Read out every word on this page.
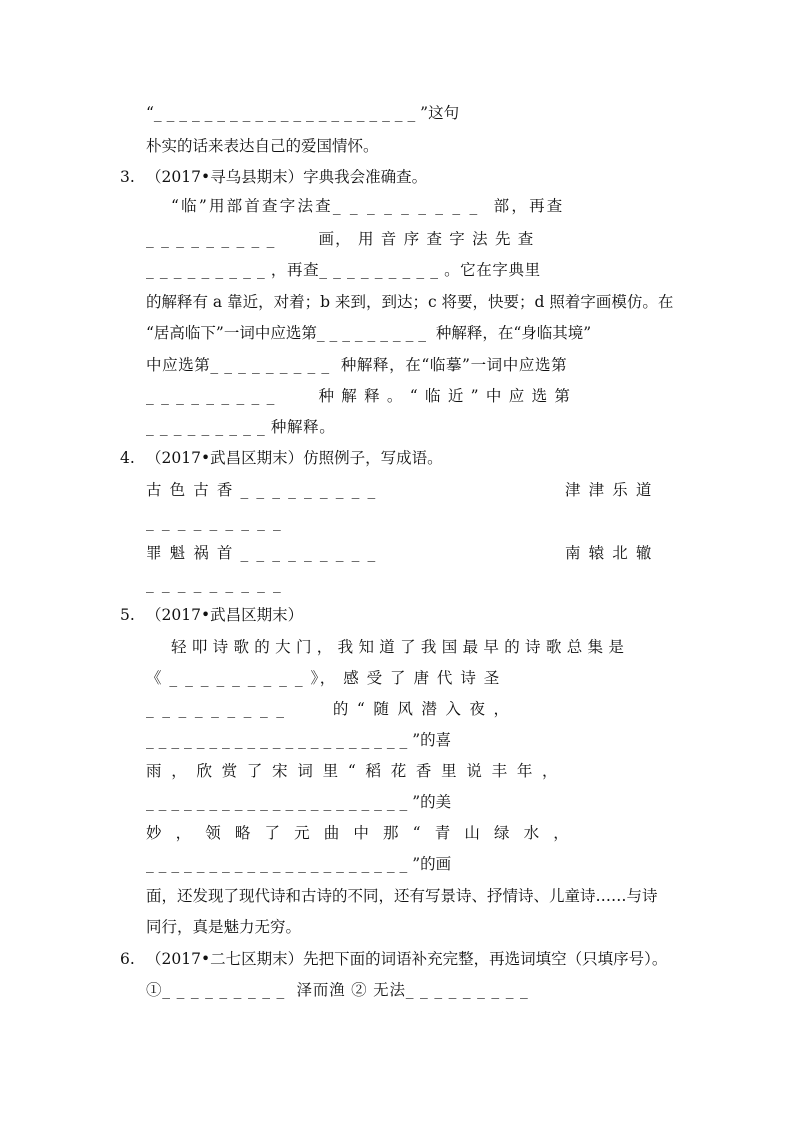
3.
4.
5.
6.
“_ _ _ _ _ _ _ _ _ _ _ _ _ _ _ _ _ _ _ _ _ ”这句
朴实的话来表达自己的爱国情怀。
（2017•寻乌县期末）字典我会准确查。
“临”用部首查字法查_ _ _ _ _ _ _ _ _  部，再查
_ _ _ _ _ _ _ _ _       画， 用 音 序 查 字 法 先 查
_ _ _ _ _ _ _ _ _ ，再查_ _ _ _ _ _ _ _ _ 。它在字典里
的解释有 a 靠近，对着；b 来到，到达；c 将要，快要；d 照着字画模仿。在
“居高临下”一词中应选第_ _ _ _ _ _ _ _ _  种解释，在“身临其境”
中应选第_ _ _ _ _ _ _ _ _  种解释，在“临摹”一词中应选第
_ _ _ _ _ _ _ _ _       种 解 释 。 “ 临 近 ” 中 应 选 第
_ _ _ _ _ _ _ _ _ 种解释。
（2017•武昌区期末）仿照例子，写成语。
古 色 古 香 _ _ _ _ _ _ _ _ _	津 津 乐 道
_ _ _ _ _ _ _ _ _
罪 魁 祸 首 _ _ _ _ _ _ _ _ _	南 辕 北 辙
_ _ _ _ _ _ _ _ _
（2017•武昌区期末）
轻 叩 诗 歌 的 大 门 ， 我 知 道 了 我 国 最 早 的 诗 歌 总 集 是
《 _ _ _ _ _ _ _ _ _ 》， 感 受 了 唐 代 诗 圣
_ _ _ _ _ _ _ _ _       的 “ 随 风 潜 入 夜 ，
_ _ _ _ _ _ _ _ _ _ _ _ _ _ _ _ _ _ _ _ _ ”的喜
雨 ， 欣 赏 了 宋 词 里 “ 稻 花 香 里 说 丰 年 ，
_ _ _ _ _ _ _ _ _ _ _ _ _ _ _ _ _ _ _ _ _ ”的美
妙 ， 领 略 了 元 曲 中 那 “ 青 山 绿 水 ，
_ _ _ _ _ _ _ _ _ _ _ _ _ _ _ _ _ _ _ _ _ ”的画
面，还发现了现代诗和古诗的不同，还有写景诗、抒情诗、儿童诗……与诗
同行，真是魅力无穷。
（2017•二七区期末）先把下面的词语补充完整，再选词填空（只填序号）。
①_ _ _ _ _ _ _ _ _  泽而渔 ② 无法_ _ _ _ _ _ _ _ _
